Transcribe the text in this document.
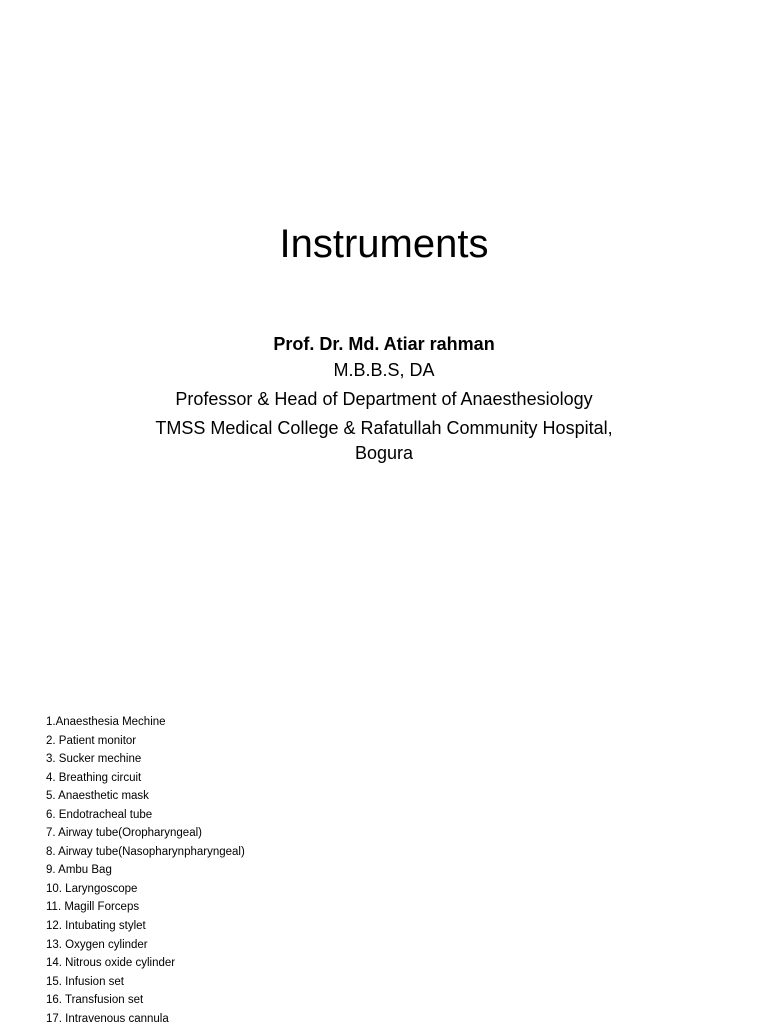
Instruments
Prof. Dr. Md. Atiar rahman
M.B.B.S, DA
Professor & Head of Department of Anaesthesiology
TMSS Medical College & Rafatullah Community Hospital, Bogura
1.Anaesthesia Mechine
2. Patient monitor
3. Sucker mechine
4. Breathing circuit
5. Anaesthetic mask
6. Endotracheal tube
7. Airway tube(Oropharyngeal)
8. Airway tube(Nasopharynpharyngeal)
9. Ambu Bag
10. Laryngoscope
11. Magill Forceps
12. Intubating stylet
13. Oxygen cylinder
14. Nitrous oxide cylinder
15. Infusion set
16. Transfusion set
17. Intravenous cannula
